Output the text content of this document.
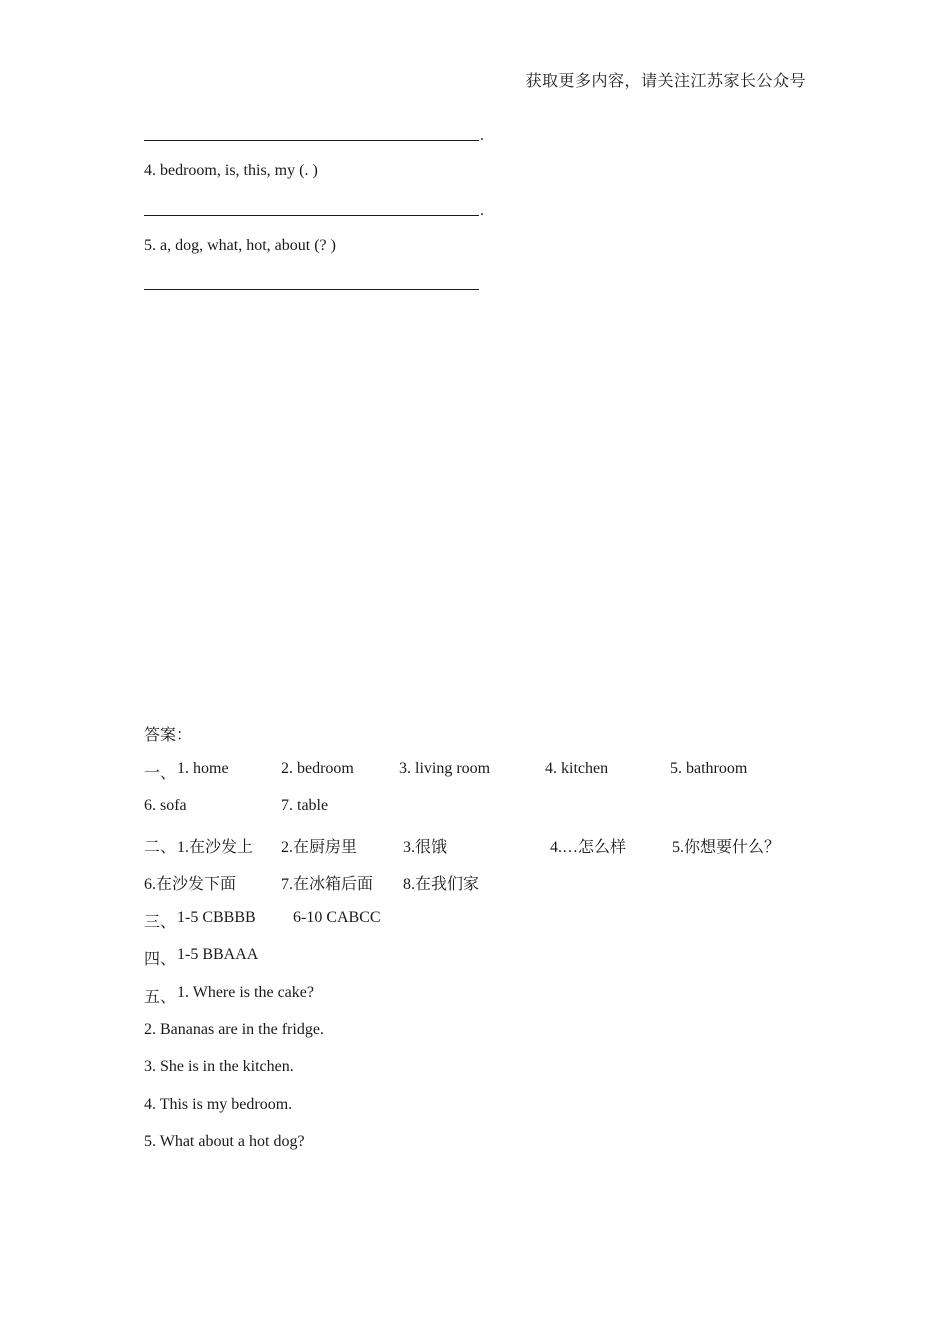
获取更多内容，请关注江苏家长公众号
.
4. bedroom, is, this, my (. )
.
5. a, dog, what, hot, about (? )
答案：
一、 1. home	2. bedroom	3. living room	4. kitchen	5. bathroom
6. sofa	7. table
二、 1.在沙发上 2.在厨房里	3.很饿	4.…怎么样	5.你想要什么？
6.在沙发下面	7.在冰箱后面 8.在我们家
三、 1-5 CBBBB 6-10 CABCC
四、 1-5 BBAAA
五、 1. Where is the cake?
2. Bananas are in the fridge.
3. She is in the kitchen.
4. This is my bedroom.
5. What about a hot dog?
